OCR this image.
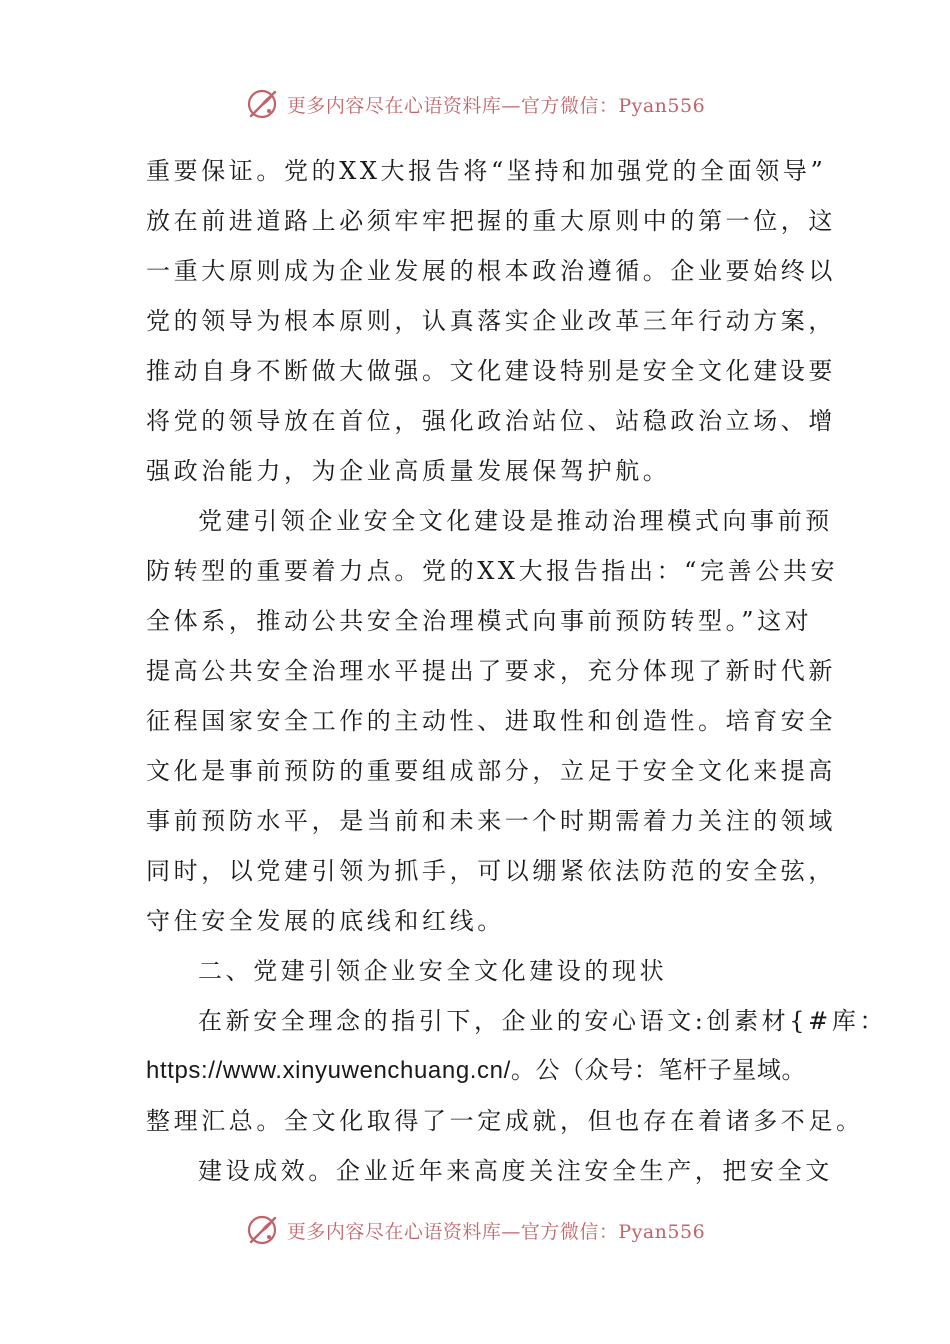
更多内容尽在心语资料库—官方微信：Pyan556
重要保证。党的XX大报告将“坚持和加强党的全面领导”
放在前进道路上必须牢牢把握的重大原则中的第一位，这
一重大原则成为企业发展的根本政治遵循。企业要始终以
党的领导为根本原则，认真落实企业改革三年行动方案，
推动自身不断做大做强。文化建设特别是安全文化建设要
将党的领导放在首位，强化政治站位、站稳政治立场、增
强政治能力，为企业高质量发展保驾护航。
党建引领企业安全文化建设是推动治理模式向事前预
防转型的重要着力点。党的XX大报告指出：“完善公共安
全体系，推动公共安全治理模式向事前预防转型。”这对
提高公共安全治理水平提出了要求，充分体现了新时代新
征程国家安全工作的主动性、进取性和创造性。培育安全
文化是事前预防的重要组成部分，立足于安全文化来提高
事前预防水平，是当前和未来一个时期需着力关注的领域
同时，以党建引领为抓手，可以绷紧依法防范的安全弦，
守住安全发展的底线和红线。
二、党建引领企业安全文化建设的现状
在新安全理念的指引下，企业的安心语文:创素材{#库：
https://www.xinyuwenchuang.cn/。公（众号：笔杆子星域。
整理汇总。全文化取得了一定成就，但也存在着诸多不足。
建设成效。企业近年来高度关注安全生产，把安全文
更多内容尽在心语资料库—官方微信：Pyan556
